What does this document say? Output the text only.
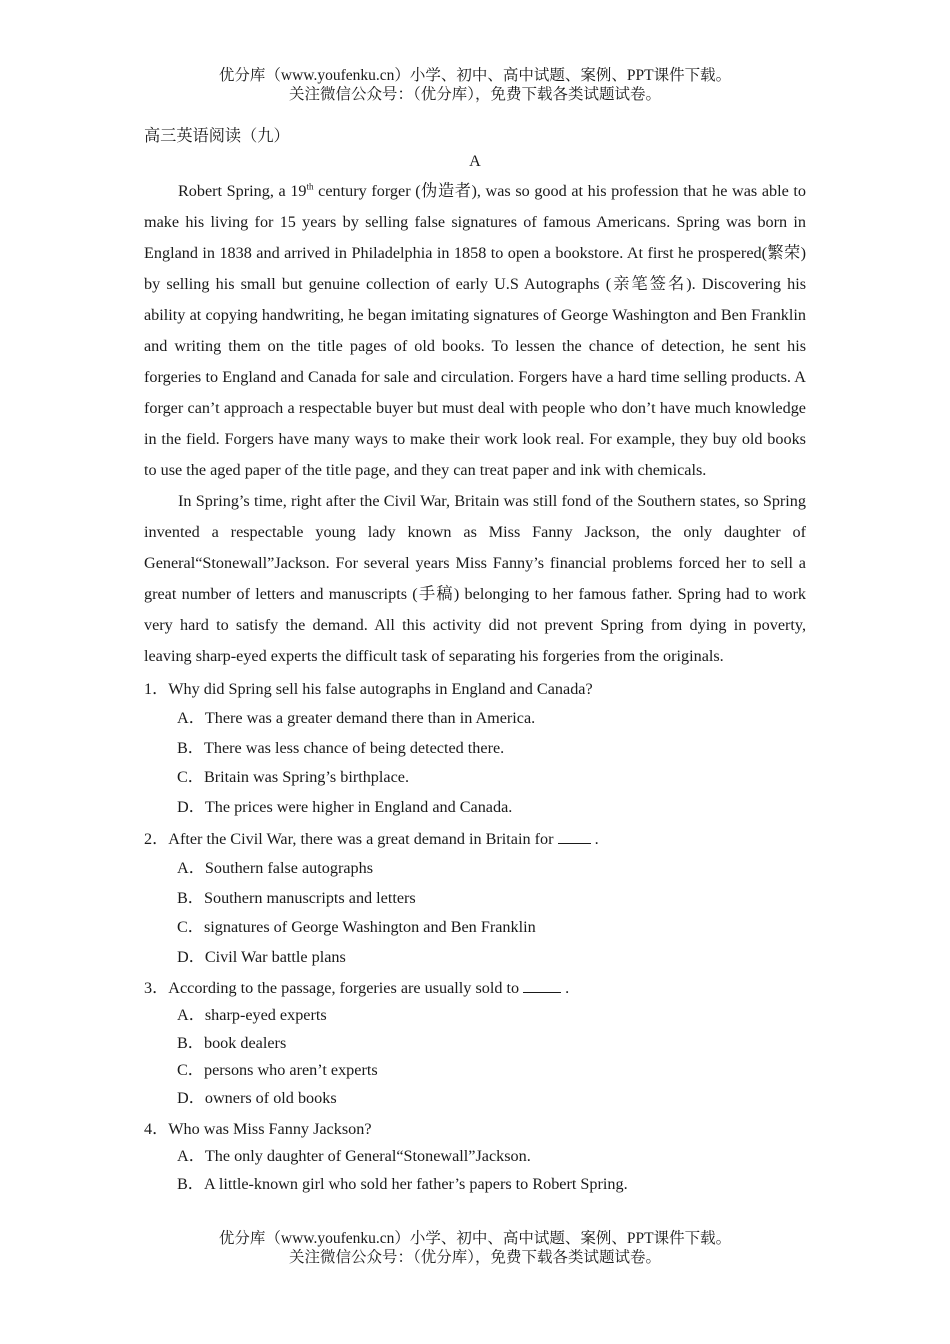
优分库（www.youfenku.cn）小学、初中、高中试题、案例、PPT课件下载。
关注微信公众号：（优分库），免费下载各类试题试卷。
高三英语阅读（九）
A

Robert Spring, a 19th century forger (伪造者), was so good at his profession that he was able to make his living for 15 years by selling false signatures of famous Americans. Spring was born in England in 1838 and arrived in Philadelphia in 1858 to open a bookstore. At first he prospered(繁荣) by selling his small but genuine collection of early U.S Autographs (亲笔签名). Discovering his ability at copying handwriting, he began imitating signatures of George Washington and Ben Franklin and writing them on the title pages of old books. To lessen the chance of detection, he sent his forgeries to England and Canada for sale and circulation. Forgers have a hard time selling products. A forger can’t approach a respectable buyer but must deal with people who don’t have much knowledge in the field. Forgers have many ways to make their work look real. For example, they buy old books to use the aged paper of the title page, and they can treat paper and ink with chemicals.

In Spring’s time, right after the Civil War, Britain was still fond of the Southern states, so Spring invented a respectable young lady known as Miss Fanny Jackson, the only daughter of General“Stonewall”Jackson. For several years Miss Fanny’s financial problems forced her to sell a great number of letters and manuscripts (手稿) belonging to her famous father. Spring had to work very hard to satisfy the demand. All this activity did not prevent Spring from dying in poverty, leaving sharp-eyed experts the difficult task of separating his forgeries from the originals.

1．Why did Spring sell his false autographs in England and Canada?
A．There was a greater demand there than in America.
B．There was less chance of being detected there.
C．Britain was Spring’s birthplace.
D．The prices were higher in England and Canada.
2．After the Civil War, there was a great demand in Britain for  .
A．Southern false autographs
B．Southern manuscripts and letters
C．signatures of George Washington and Ben Franklin
D．Civil War battle plans
3．According to the passage, forgeries are usually sold to  .
A．sharp-eyed experts
B．book dealers
C．persons who aren’t experts
D．owners of old books
4．Who was Miss Fanny Jackson?
A．The only daughter of General“Stonewall”Jackson.
B．A little-known girl who sold her father’s papers to Robert Spring.
优分库（www.youfenku.cn）小学、初中、高中试题、案例、PPT课件下载。
关注微信公众号：（优分库），免费下载各类试题试卷。
